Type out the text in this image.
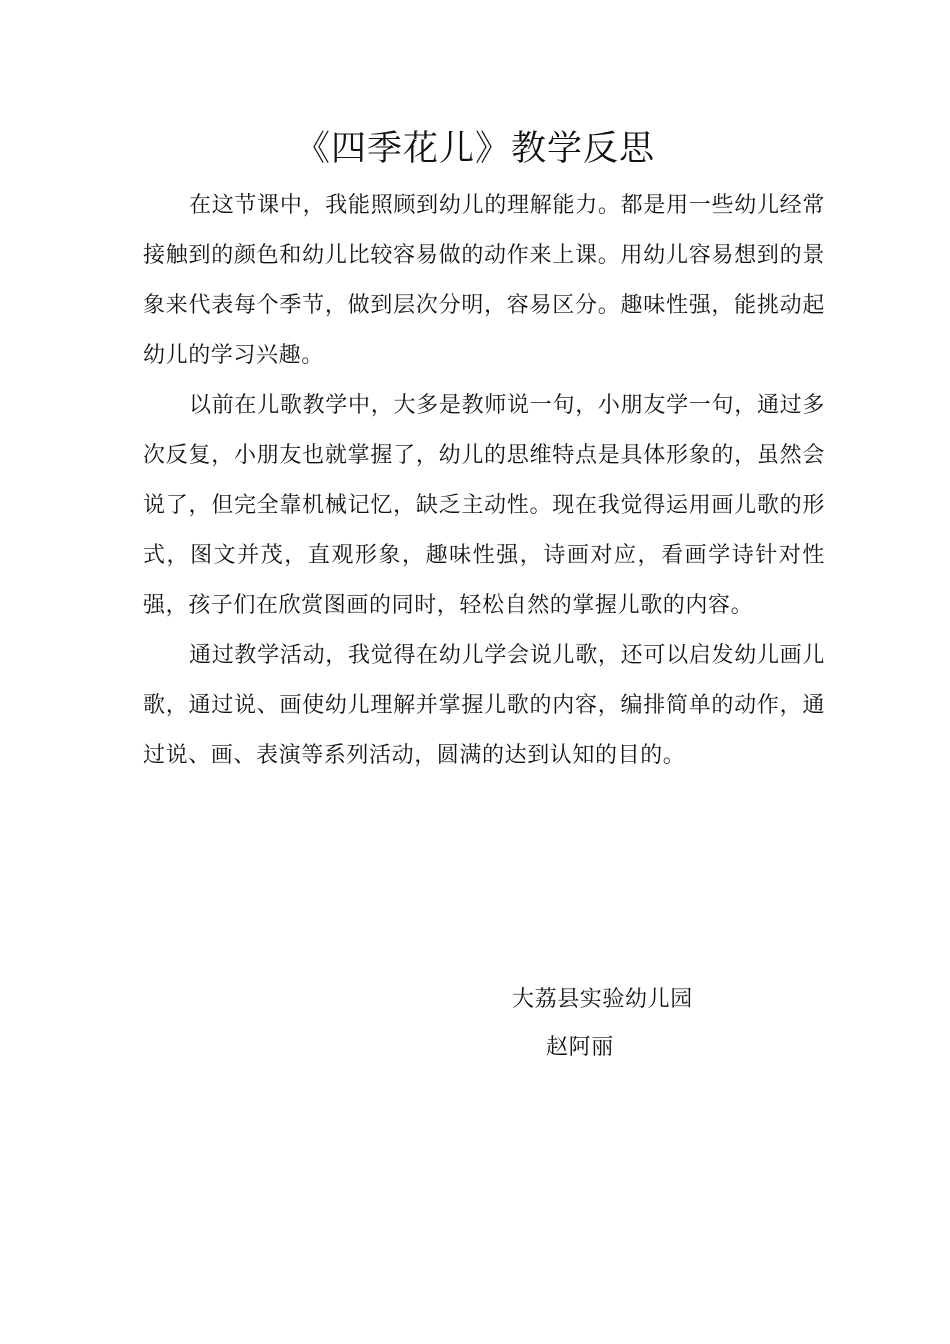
《四季花儿》教学反思

在这节课中，我能照顾到幼儿的理解能力。都是用一些幼儿经常接触到的颜色和幼儿比较容易做的动作来上课。用幼儿容易想到的景象来代表每个季节，做到层次分明，容易区分。趣味性强，能挑动起幼儿的学习兴趣。

以前在儿歌教学中，大多是教师说一句，小朋友学一句，通过多次反复，小朋友也就掌握了，幼儿的思维特点是具体形象的，虽然会说了，但完全靠机械记忆，缺乏主动性。现在我觉得运用画儿歌的形式，图文并茂，直观形象，趣味性强，诗画对应，看画学诗针对性强，孩子们在欣赏图画的同时，轻松自然的掌握儿歌的内容。

通过教学活动，我觉得在幼儿学会说儿歌，还可以启发幼儿画儿歌，通过说、画使幼儿理解并掌握儿歌的内容，编排简单的动作，通过说、画、表演等系列活动，圆满的达到认知的目的。

大荔县实验幼儿园
赵阿丽
